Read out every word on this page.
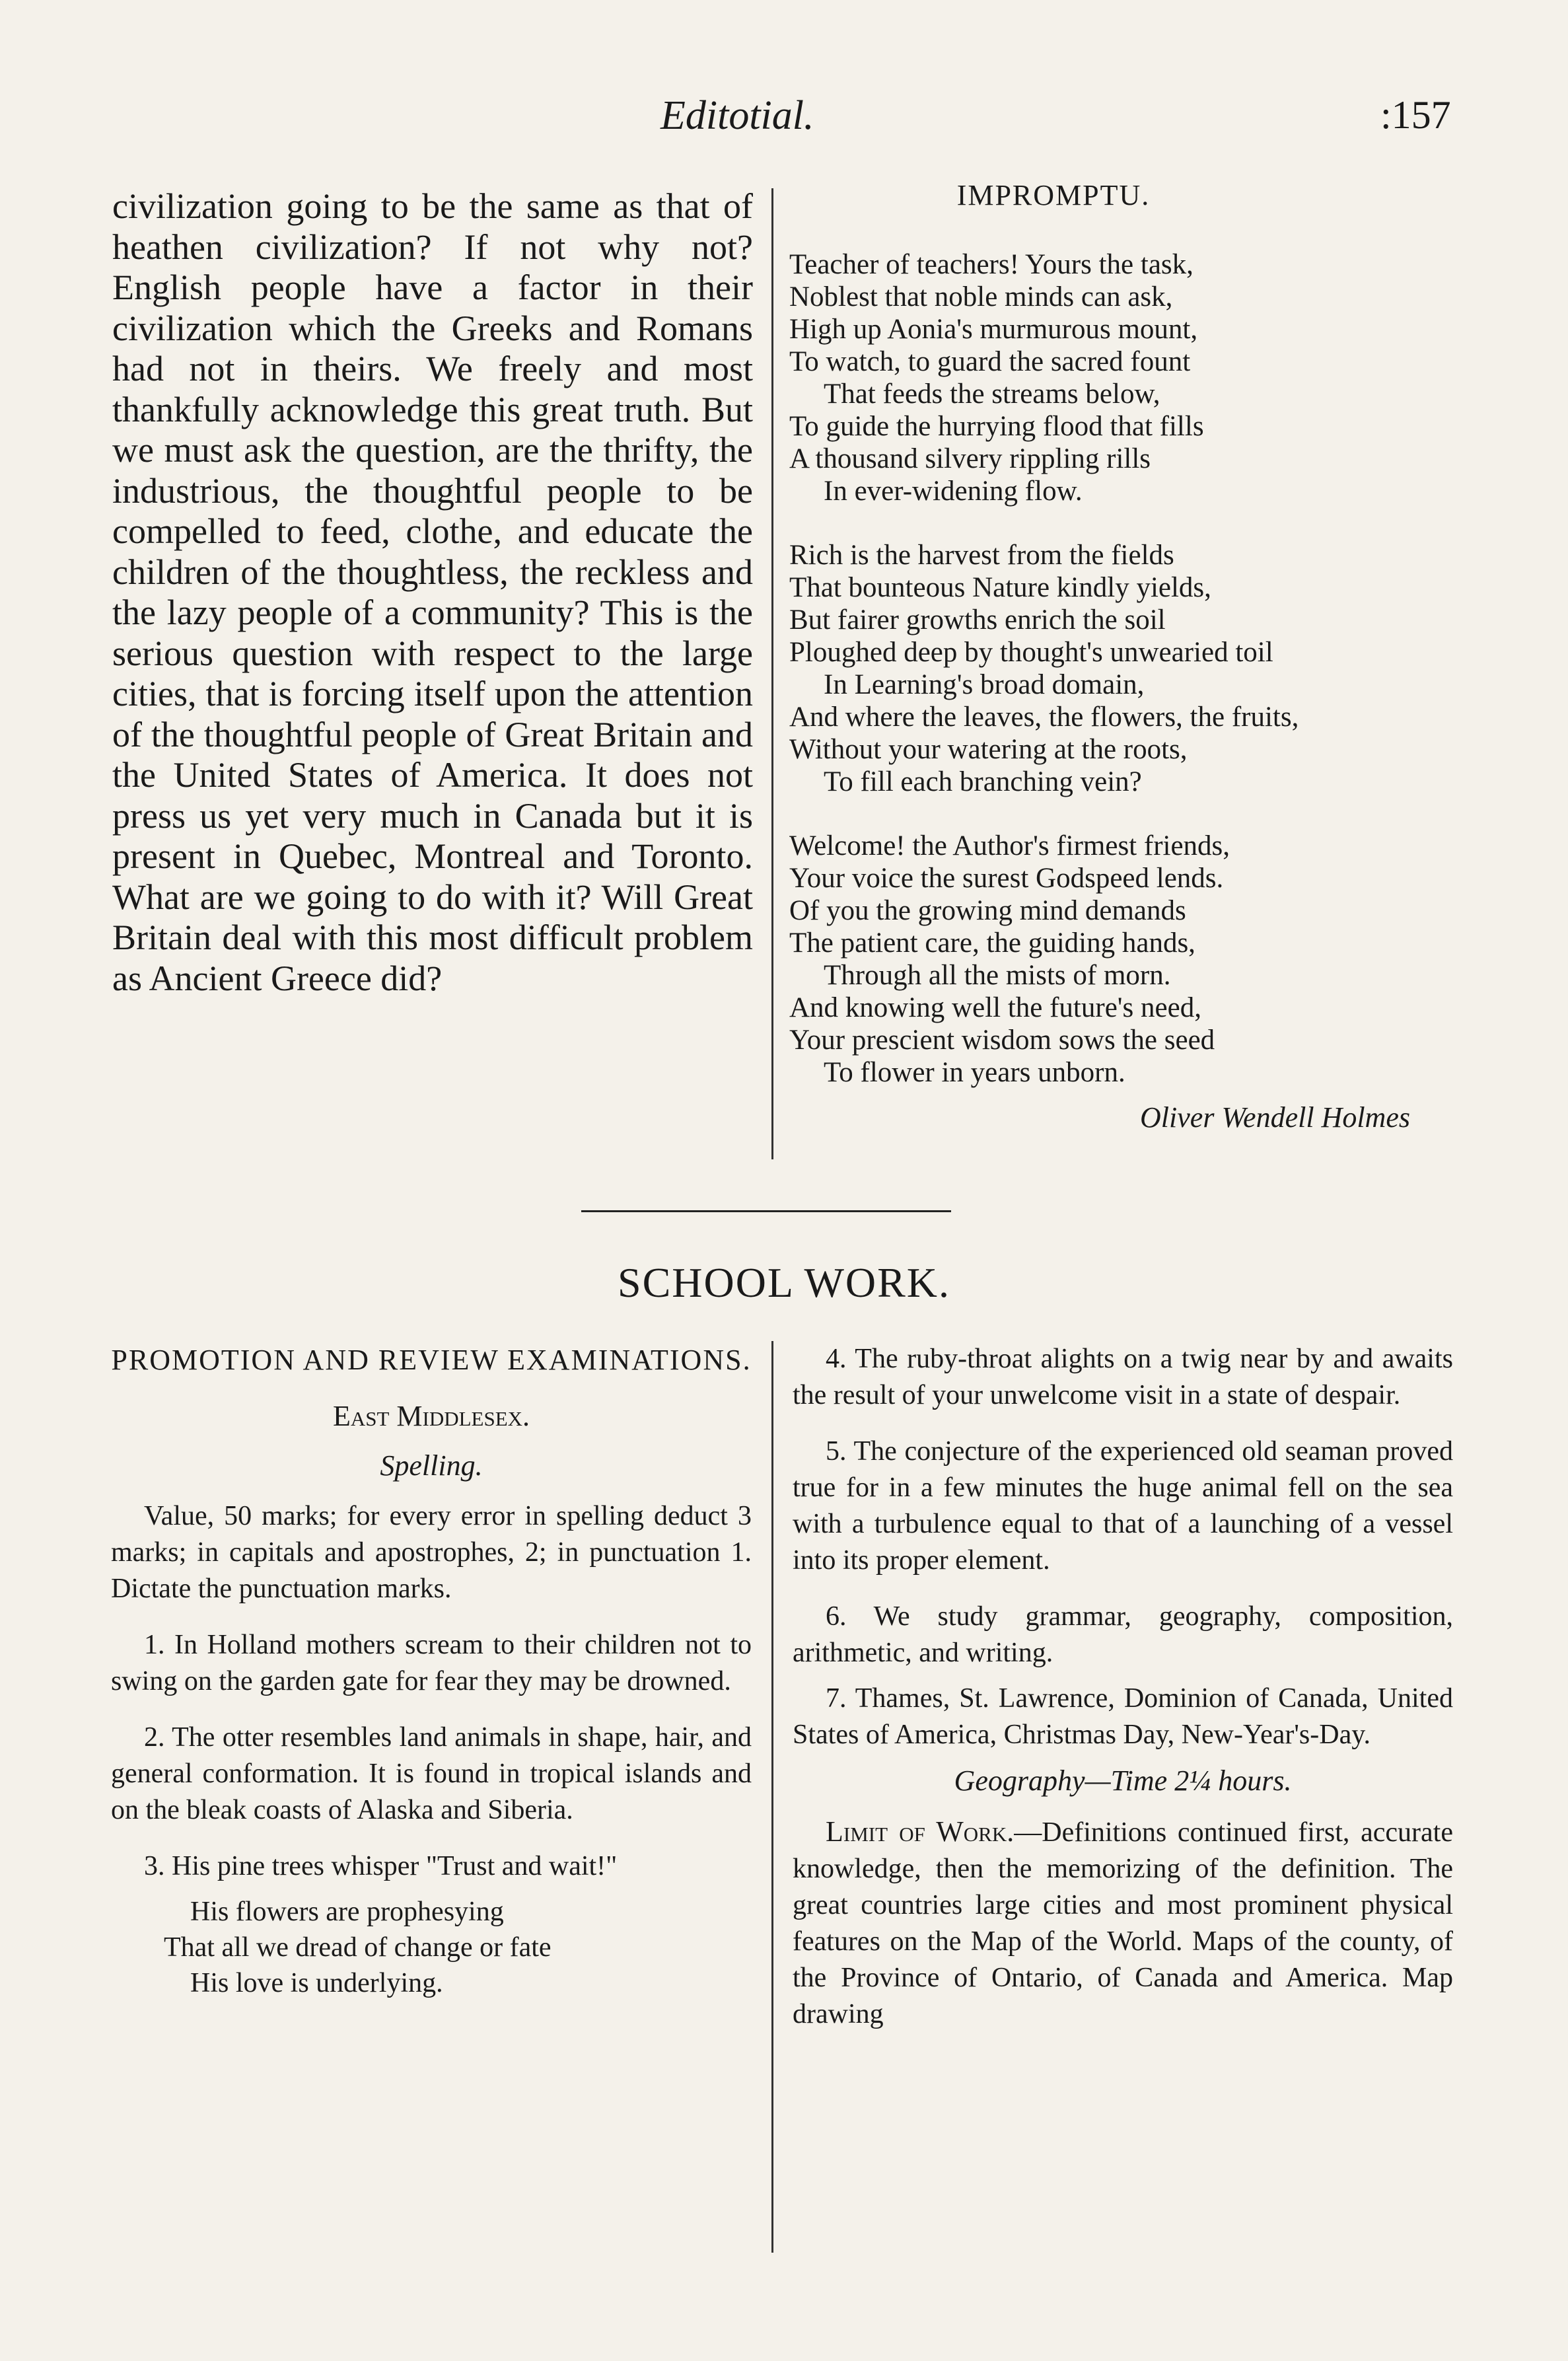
Editotial.	:157

civilization going to be the same as that of heathen civilization? If not why not? English people have a factor in their civilization which the Greeks and Romans had not in theirs. We freely and most thankfully acknowledge this great truth. But we must ask the question, are the thrifty, the industrious, the thoughtful people to be compelled to feed, clothe, and educate the children of the thoughtless, the reckless and the lazy people of a community? This is the serious question with respect to the large cities, that is forcing itself upon the attention of the thoughtful people of Great Britain and the United States of America. It does not press us yet very much in Canada but it is present in Quebec, Montreal and Toronto. What are we going to do with it? Will Great Britain deal with this most difficult problem as Ancient Greece did?

IMPROMPTU.
Teacher of teachers! Yours the task,
Noblest that noble minds can ask,
High up Aonia's murmurous mount,
To watch, to guard the sacred fount
That feeds the streams below,
To guide the hurrying flood that fills
A thousand silvery rippling rills
In ever-widening flow.
Rich is the harvest from the fields
That bounteous Nature kindly yields,
But fairer growths enrich the soil
Ploughed deep by thought's unwearied toil
In Learning's broad domain,
And where the leaves, the flowers, the fruits,
Without your watering at the roots,
To fill each branching vein?
Welcome! the Author's firmest friends,
Your voice the surest Godspeed lends.
Of you the growing mind demands
The patient care, the guiding hands,
Through all the mists of morn.
And knowing well the future's need,
Your prescient wisdom sows the seed
To flower in years unborn.
Oliver Wendell Holmes
SCHOOL WORK.
PROMOTION AND REVIEW EXAMINATIONS.
East Middlesex.
Spelling.

Value, 50 marks; for every error in spelling deduct 3 marks; in capitals and apostrophes, 2; in punctuation 1. Dictate the punctuation marks.

1. In Holland mothers scream to their children not to swing on the garden gate for fear they may be drowned.

2. The otter resembles land animals in shape, hair, and general conformation. It is found in tropical islands and on the bleak coasts of Alaska and Siberia.

3. His pine trees whisper "Trust and wait!"

His flowers are prophesying
That all we dread of change or fate
His love is underlying.

4. The ruby-throat alights on a twig near by and awaits the result of your unwelcome visit in a state of despair.

5. The conjecture of the experienced old seaman proved true for in a few minutes the huge animal fell on the sea with a turbulence equal to that of a launching of a vessel into its proper element.

6. We study grammar, geography, composition, arithmetic, and writing.

7. Thames, St. Lawrence, Dominion of Canada, United States of America, Christmas Day, New-Year's-Day.

Geography—Time 2¼ hours.

Limit of Work.—Definitions continued first, accurate knowledge, then the memorizing of the definition. The great countries large cities and most prominent physical features on the Map of the World. Maps of the county, of the Province of Ontario, of Canada and America. Map drawing
